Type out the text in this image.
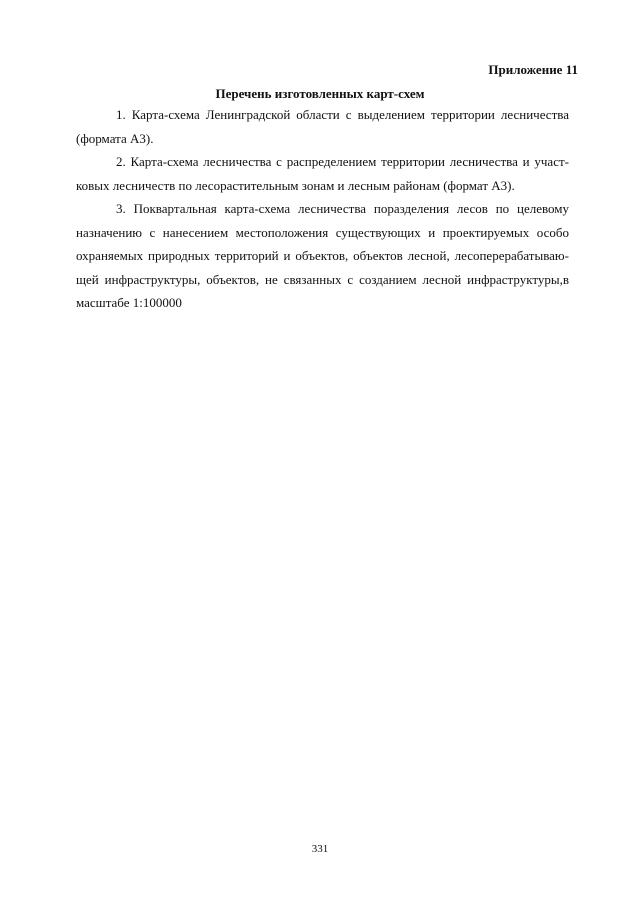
Приложение 11

Перечень изготовленных карт-схем
1. Карта-схема Ленинградской области с выделением территории лесничества (формата А3).
2. Карта-схема лесничества с распределением территории лесничества и участковых лесничеств по лесорастительным зонам и лесным районам (формат А3).
3. Поквартальная карта-схема лесничества поразделения лесов по целевому назначению с нанесением местоположения существующих и проектируемых особо охраняемых природных территорий и объектов, объектов лесной, лесоперерабатывающей инфраструктуры, объектов, не связанных с созданием лесной инфраструктуры,в масштабе 1:100000

331
